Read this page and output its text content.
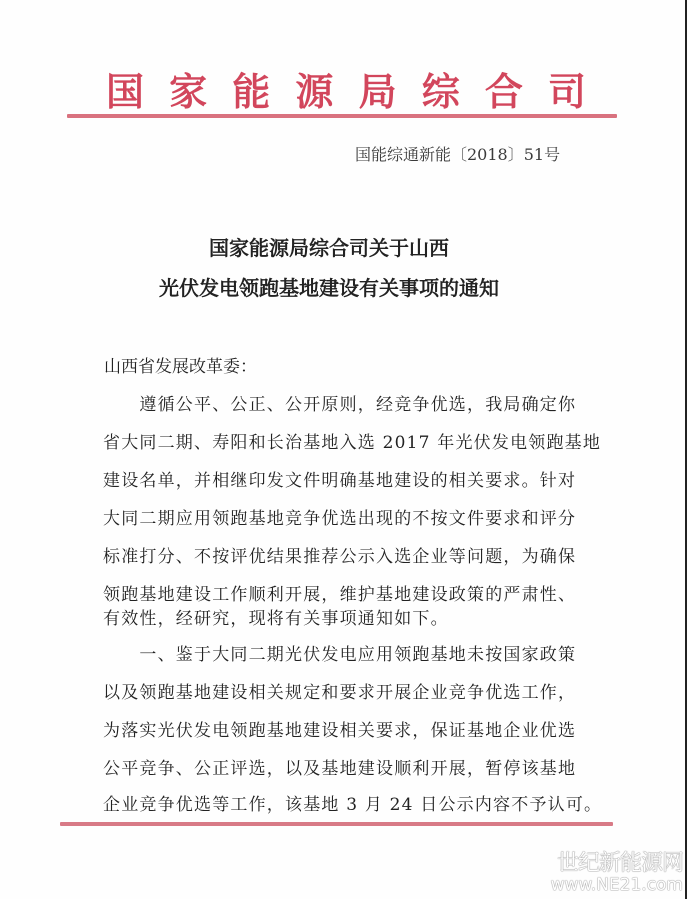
国 家 能 源 局 综 合 司
国能综通新能〔2018〕51号
国家能源局综合司关于山西
光伏发电领跑基地建设有关事项的通知
山西省发展改革委：
　　遵循公平、公正、公开原则，经竞争优选，我局确定你
省大同二期、寿阳和长治基地入选 2017 年光伏发电领跑基地
建设名单，并相继印发文件明确基地建设的相关要求。针对
大同二期应用领跑基地竞争优选出现的不按文件要求和评分
标准打分、不按评优结果推荐公示入选企业等问题，为确保
领跑基地建设工作顺利开展，维护基地建设政策的严肃性、
有效性，经研究，现将有关事项通知如下。
　　一、鉴于大同二期光伏发电应用领跑基地未按国家政策
以及领跑基地建设相关规定和要求开展企业竞争优选工作，
为落实光伏发电领跑基地建设相关要求，保证基地企业优选
公平竞争、公正评选，以及基地建设顺利开展，暂停该基地
企业竞争优选等工作，该基地 3 月 24 日公示内容不予认可。
世纪新能源网
www.NE21.com
